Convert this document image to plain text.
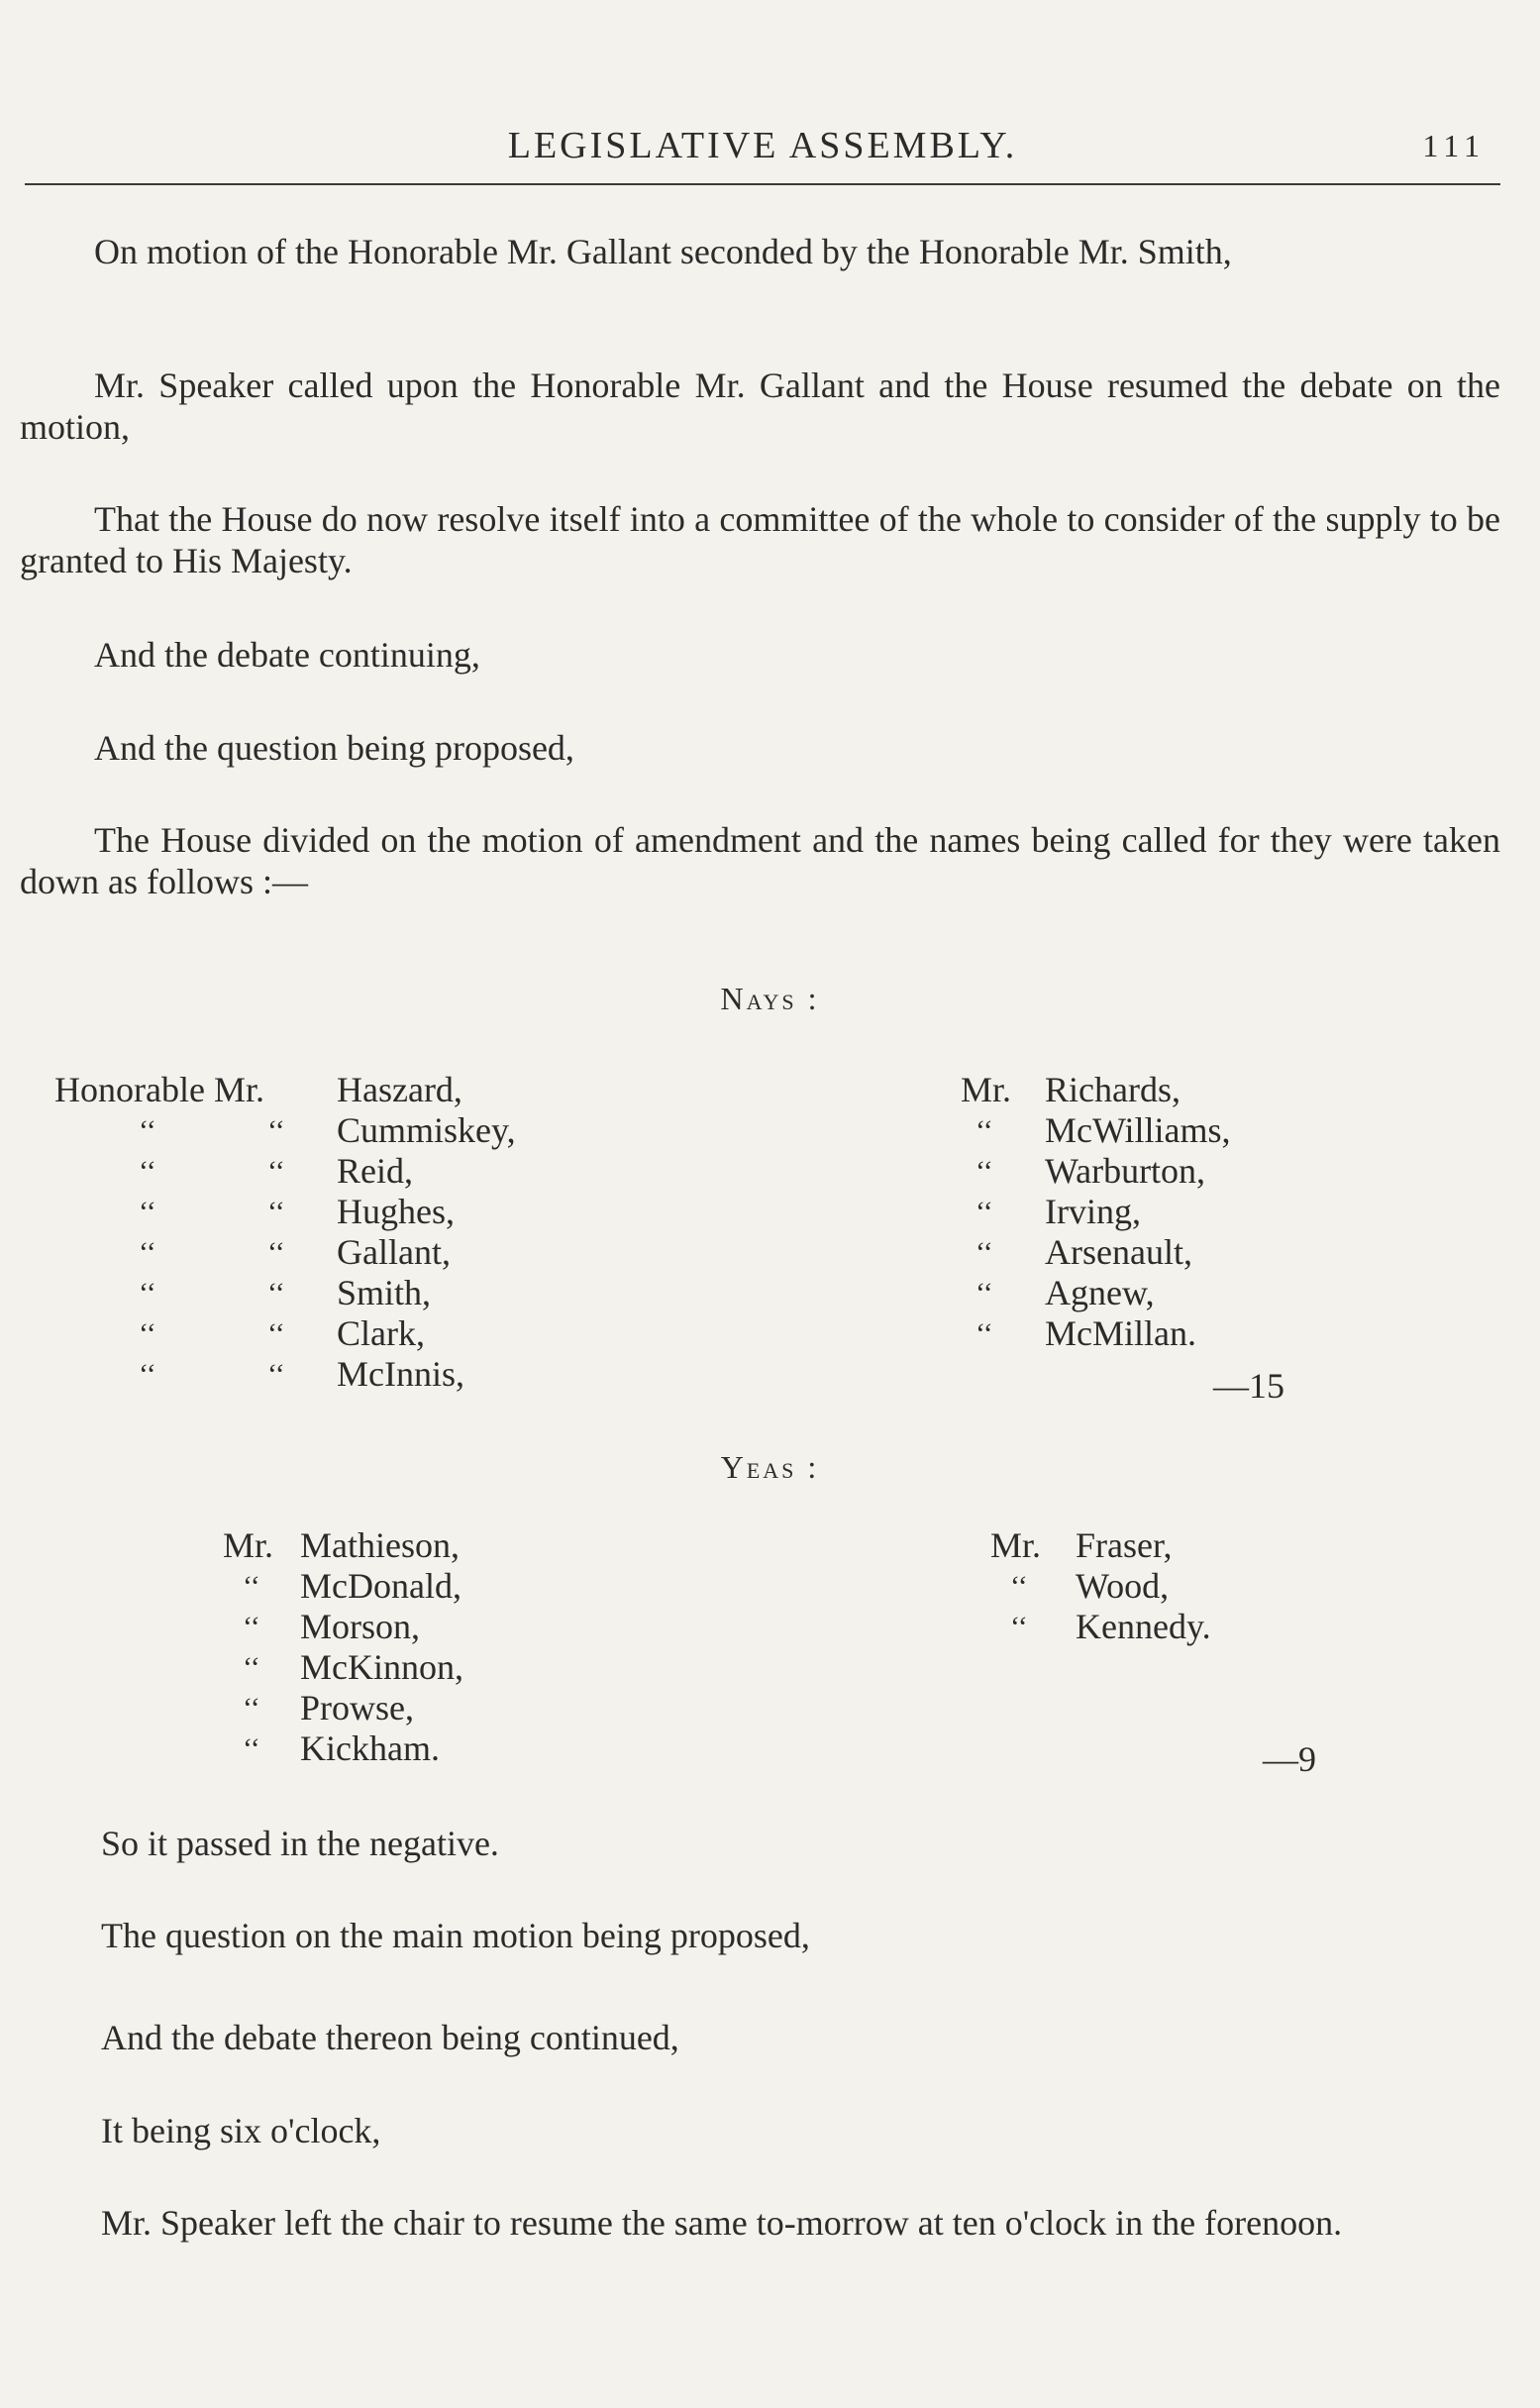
LEGISLATIVE ASSEMBLY.	111
On motion of the Honorable Mr. Gallant seconded by the Honorable Mr. Smith,
Mr. Speaker called upon the Honorable Mr. Gallant and the House resumed the debate on the motion,
That the House do now resolve itself into a committee of the whole to consider of the supply to be granted to His Majesty.
And the debate continuing,
And the question being proposed,
The House divided on the motion of amendment and the names being called for they were taken down as follows :—
Nays :
Honorable Mr. Haszard,
‘‘	‘‘ Cummiskey,
‘‘	‘‘ Reid,
‘‘	‘‘ Hughes,
‘‘	‘‘ Gallant,
‘‘	‘‘ Smith,
‘‘	‘‘ Clark,
‘‘	‘‘ McInnis,
Mr. Richards,
‘‘ McWilliams,
‘‘ Warburton,
‘‘ Irving,
‘‘ Arsenault,
‘‘ Agnew,
‘‘ McMillan.
—15
Yeas :
Mr. Mathieson,
‘‘ McDonald,
‘‘ Morson,
‘‘ McKinnon,
‘‘ Prowse,
‘‘ Kickham.
Mr. Fraser,
‘‘ Wood,
‘‘ Kennedy.
—9
So it passed in the negative.
The question on the main motion being proposed,
And the debate thereon being continued,
It being six o'clock,
Mr. Speaker left the chair to resume the same to-morrow at ten o'clock in the forenoon.
